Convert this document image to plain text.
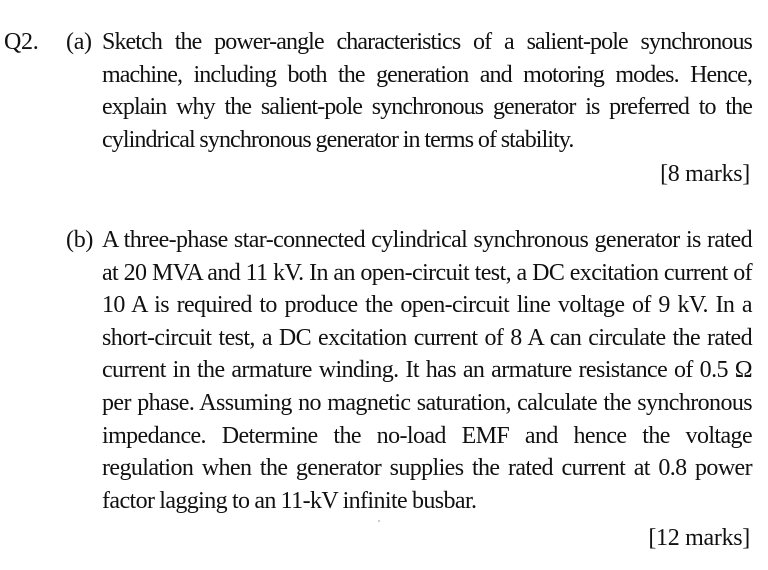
Q2. (a) Sketch the power-angle characteristics of a salient-pole synchronous machine, including both the generation and motoring modes. Hence, explain why the salient-pole synchronous generator is preferred to the cylindrical synchronous generator in terms of stability.
[8 marks]
(b) A three-phase star-connected cylindrical synchronous generator is rated at 20 MVA and 11 kV. In an open-circuit test, a DC excitation current of 10 A is required to produce the open-circuit line voltage of 9 kV. In a short-circuit test, a DC excitation current of 8 A can circulate the rated current in the armature winding. It has an armature resistance of 0.5 Ω per phase. Assuming no magnetic saturation, calculate the synchronous impedance. Determine the no-load EMF and hence the voltage regulation when the generator supplies the rated current at 0.8 power factor lagging to an 11-kV infinite busbar.
[12 marks]
